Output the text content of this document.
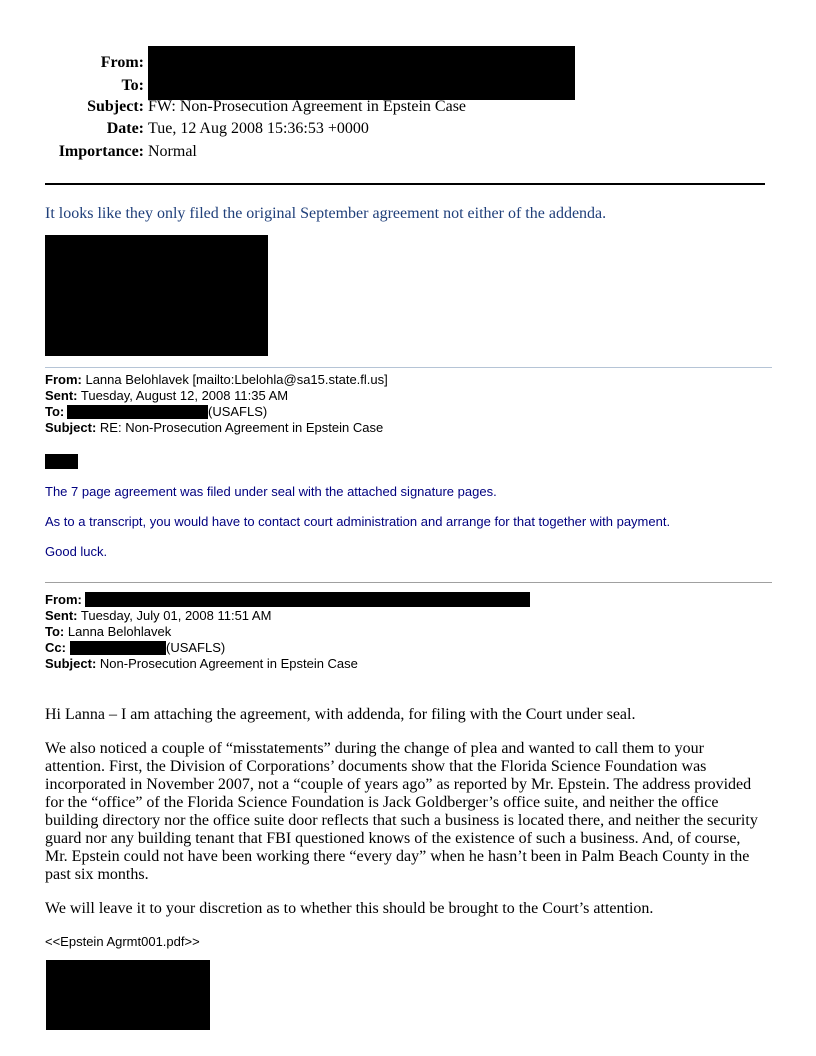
From:
To:
Subject: FW: Non-Prosecution Agreement in Epstein Case
Date: Tue, 12 Aug 2008 15:36:53 +0000
Importance: Normal
It looks like they only filed the original September agreement not either of the addenda.
From: Lanna Belohlavek [mailto:Lbelohla@sa15.state.fl.us]
Sent: Tuesday, August 12, 2008 11:35 AM
To:	(USAFLS)
Subject: RE: Non-Prosecution Agreement in Epstein Case
The 7 page agreement was filed under seal with the attached signature pages.
As to a transcript, you would have to contact court administration and arrange for that together with payment.
Good luck.
From:
Sent: Tuesday, July 01, 2008 11:51 AM
To: Lanna Belohlavek
Cc:	(USAFLS)
Subject: Non-Prosecution Agreement in Epstein Case

Hi Lanna – I am attaching the agreement, with addenda, for filing with the Court under seal.

We also noticed a couple of “misstatements” during the change of plea and wanted to call them to your attention. First, the Division of Corporations’ documents show that the Florida Science Foundation was incorporated in November 2007, not a “couple of years ago” as reported by Mr. Epstein. The address provided for the “office” of the Florida Science Foundation is Jack Goldberger’s office suite, and neither the office building directory nor the office suite door reflects that such a business is located there, and neither the security guard nor any building tenant that FBI questioned knows of the existence of such a business. And, of course, Mr. Epstein could not have been working there “every day” when he hasn’t been in Palm Beach County in the past six months.

We will leave it to your discretion as to whether this should be brought to the Court’s attention.

<<Epstein Agrmt001.pdf>>
